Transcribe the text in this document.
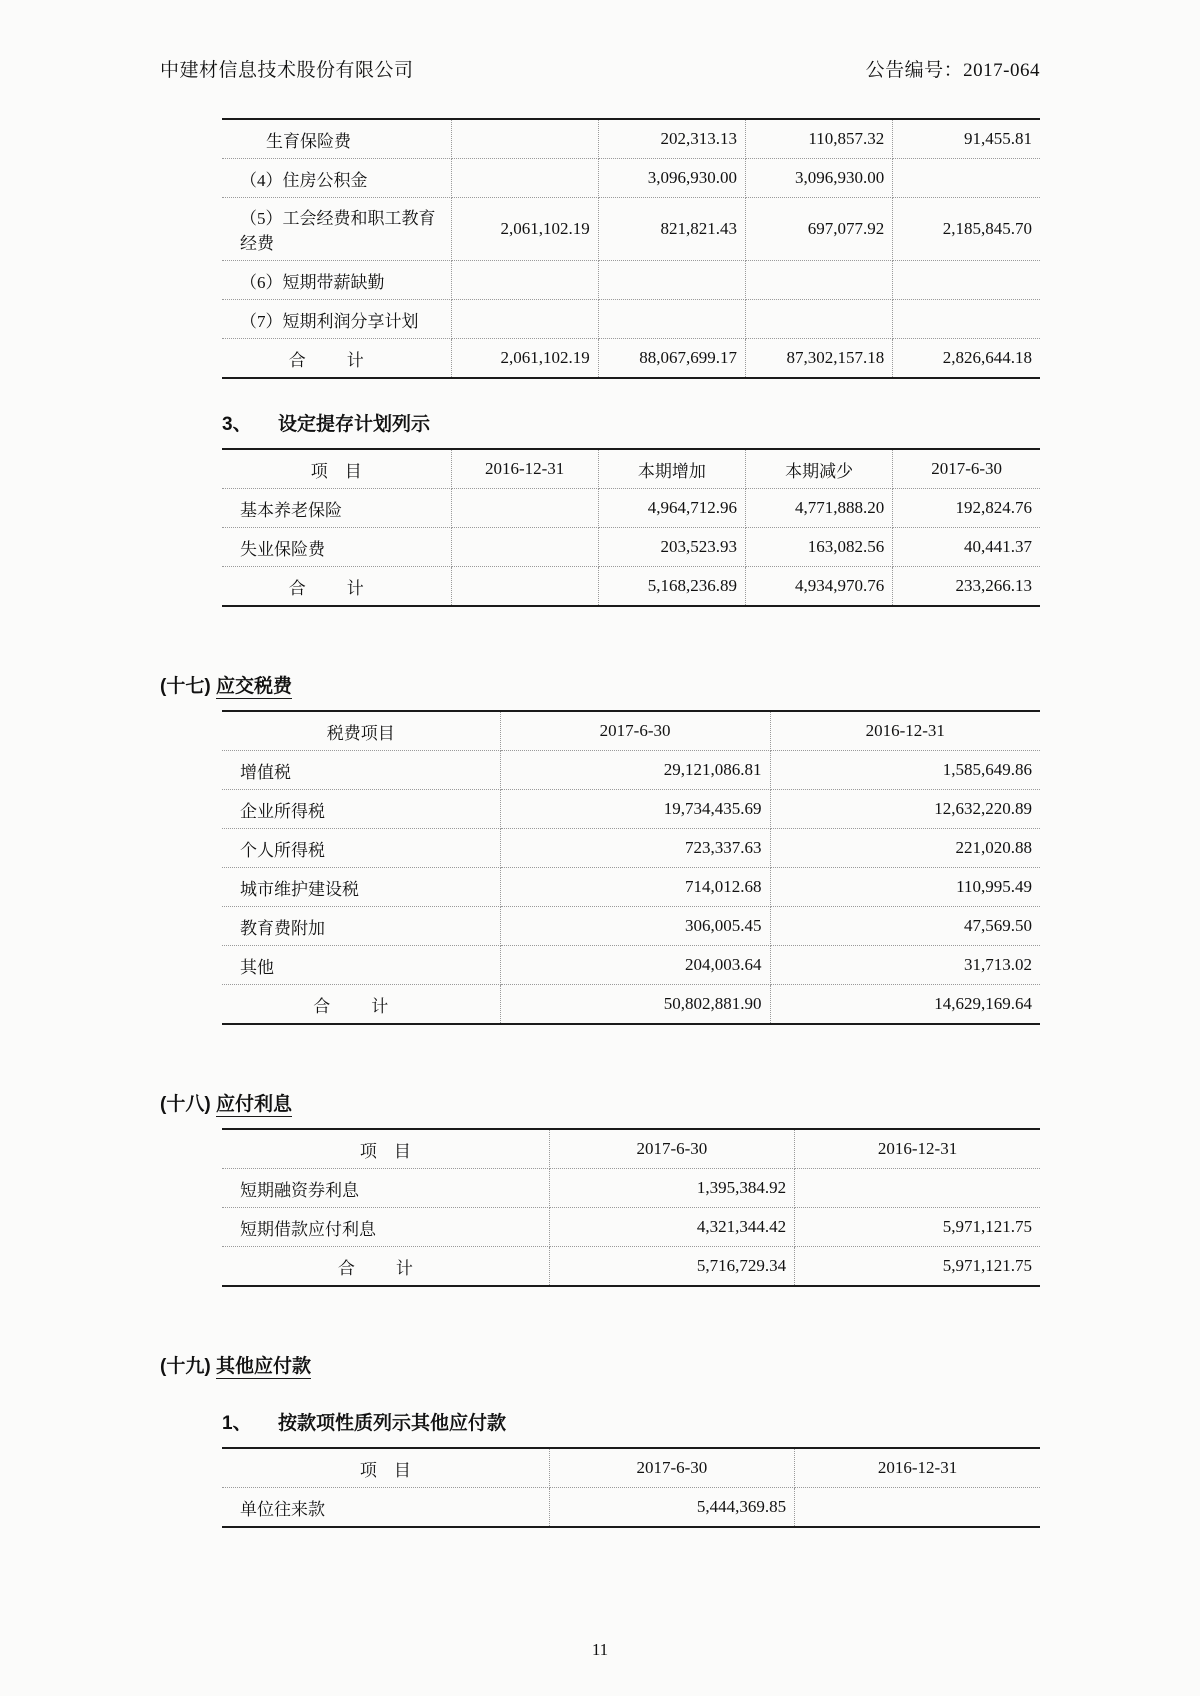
中建材信息技术股份有限公司	公告编号：2017-064
生育保险费		202,313.13	110,857.32	91,455.81
（4）住房公积金		3,096,930.00	3,096,930.00	
（5）工会经费和职工教育经费	2,061,102.19	821,821.43	697,077.92	2,185,845.70
（6）短期带薪缺勤				
（7）短期利润分享计划				
合　计	2,061,102.19	88,067,699.17	87,302,157.18	2,826,644.18
3、 设定提存计划列示
项　目	2016-12-31	本期增加	本期减少	2017-6-30
基本养老保险		4,964,712.96	4,771,888.20	192,824.76
失业保险费		203,523.93	163,082.56	40,441.37
合　计		5,168,236.89	4,934,970.76	233,266.13
(十七) 应交税费
税费项目	2017-6-30	2016-12-31
增值税	29,121,086.81	1,585,649.86
企业所得税	19,734,435.69	12,632,220.89
个人所得税	723,337.63	221,020.88
城市维护建设税	714,012.68	110,995.49
教育费附加	306,005.45	47,569.50
其他	204,003.64	31,713.02
合　计	50,802,881.90	14,629,169.64
(十八) 应付利息
项　目	2017-6-30	2016-12-31
短期融资券利息	1,395,384.92	
短期借款应付利息	4,321,344.42	5,971,121.75
合　计	5,716,729.34	5,971,121.75
(十九) 其他应付款
1、 按款项性质列示其他应付款
项　目	2017-6-30	2016-12-31
单位往来款	5,444,369.85	
11
